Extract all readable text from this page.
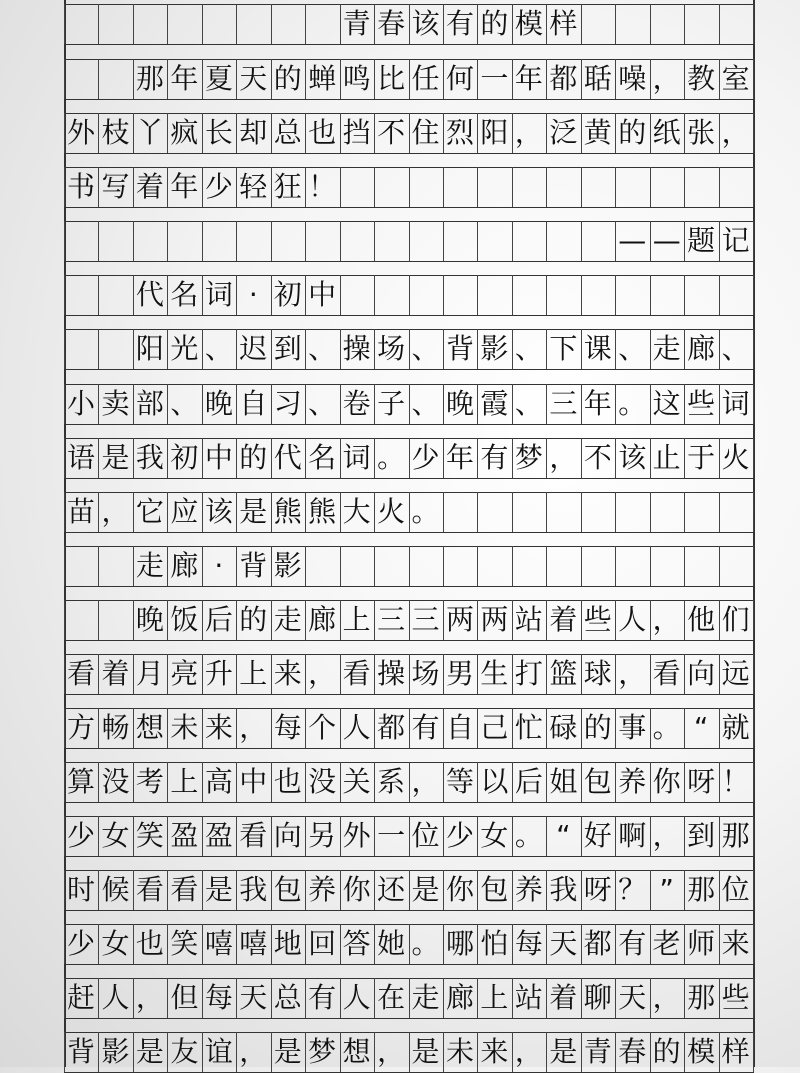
青 春 该 有 的 模 样
那 年 夏 天 的 蝉 鸣 比 任 何 一 年 都 聒 噪 ， 教 室
外 枝 丫 疯 长 却 总 也 挡 不 住 烈 阳 ， 泛 黄 的 纸 张 ，
书 写 着 年 少 轻 狂 ！
— — 题 记
代 名 词 · 初 中
阳 光 、 迟 到 、 操 场 、 背 影 、 下 课 、 走 廊 、
小 卖 部 、 晚 自 习 、 卷 子 、 晚 霞 、 三 年 。 这 些 词
语 是 我 初 中 的 代 名 词 。 少 年 有 梦 ， 不 该 止 于 火
苗 ， 它 应 该 是 熊 熊 大 火 。
走 廊 · 背 影
晚 饭 后 的 走 廊 上 三 三 两 两 站 着 些 人 ， 他 们
看 着 月 亮 升 上 来 ， 看 操 场 男 生 打 篮 球 ， 看 向 远
方 畅 想 未 来 ， 每 个 人 都 有 自 己 忙 碌 的 事 。 “ 就
算 没 考 上 高 中 也 没 关 系 ， 等 以 后 姐 包 养 你 呀 ！
少 女 笑 盈 盈 看 向 另 外 一 位 少 女 。 “ 好 啊 ， 到 那
时 候 看 看 是 我 包 养 你 还 是 你 包 养 我 呀 ？ ” 那 位
少 女 也 笑 嘻 嘻 地 回 答 她 。 哪 怕 每 天 都 有 老 师 来
赶 人 ， 但 每 天 总 有 人 在 走 廊 上 站 着 聊 天 ， 那 些
背 影 是 友 谊 ， 是 梦 想 ， 是 未 来 ， 是 青 春 的 模 样
